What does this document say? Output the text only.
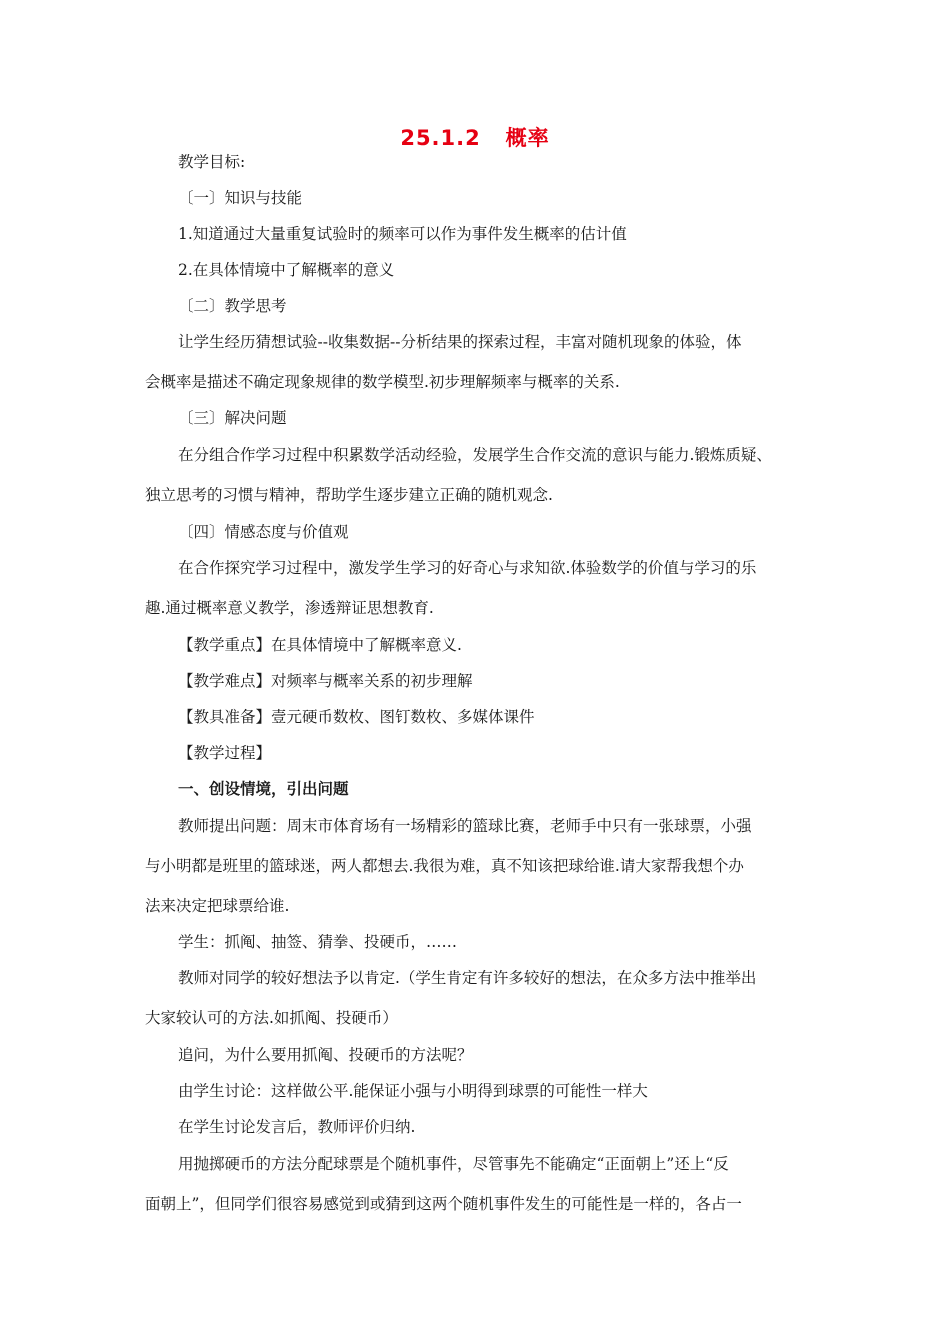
25.1.2   概率
教学目标:
〔一〕知识与技能
1.知道通过大量重复试验时的频率可以作为事件发生概率的估计值
2.在具体情境中了解概率的意义
〔二〕教学思考
让学生经历猜想试验--收集数据--分析结果的探索过程，丰富对随机现象的体验，体
会概率是描述不确定现象规律的数学模型.初步理解频率与概率的关系.
〔三〕解决问题
在分组合作学习过程中积累数学活动经验，发展学生合作交流的意识与能力.锻炼质疑、
独立思考的习惯与精神，帮助学生逐步建立正确的随机观念.
〔四〕情感态度与价值观
在合作探究学习过程中，激发学生学习的好奇心与求知欲.体验数学的价值与学习的乐
趣.通过概率意义教学，渗透辩证思想教育.
【教学重点】在具体情境中了解概率意义.
【教学难点】对频率与概率关系的初步理解
【教具准备】壹元硬币数枚、图钉数枚、多媒体课件
【教学过程】
一、创设情境，引出问题
教师提出问题：周末市体育场有一场精彩的篮球比赛，老师手中只有一张球票，小强
与小明都是班里的篮球迷，两人都想去.我很为难，真不知该把球给谁.请大家帮我想个办
法来决定把球票给谁.
学生：抓阄、抽签、猜拳、投硬币，……
教师对同学的较好想法予以肯定.（学生肯定有许多较好的想法，在众多方法中推举出
大家较认可的方法.如抓阄、投硬币）
追问，为什么要用抓阄、投硬币的方法呢？
由学生讨论：这样做公平.能保证小强与小明得到球票的可能性一样大
在学生讨论发言后，教师评价归纳.
用抛掷硬币的方法分配球票是个随机事件，尽管事先不能确定“正面朝上”还上“反
面朝上”，但同学们很容易感觉到或猜到这两个随机事件发生的可能性是一样的，各占一
